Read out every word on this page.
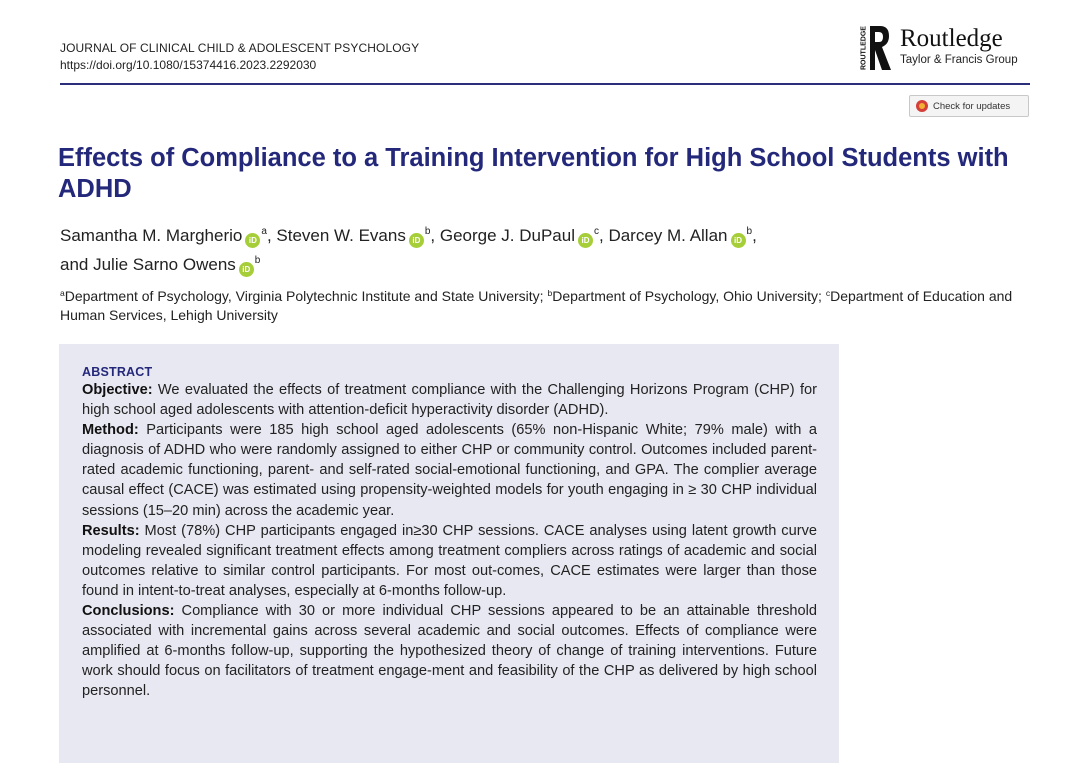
JOURNAL OF CLINICAL CHILD & ADOLESCENT PSYCHOLOGY
https://doi.org/10.1080/15374416.2023.2292030	ROUTLEDGE Routledge
Taylor & Francis Group
Check for updates
Effects of Compliance to a Training Intervention for High School Students with ADHD
Samantha M. Margherio $iD^a$, Steven W. Evans $iD^b$, George J. DuPaul $iD^c$, Darcey M. Allan $iD^b$,
and Julie Sarno Owens $iD^b$
$^a$Department of Psychology, Virginia Polytechnic Institute and State University; $^b$Department of Psychology, Ohio University; $^c$Department of Education and Human Services, Lehigh University
ABSTRACT

Objective: We evaluated the effects of treatment compliance with the Challenging Horizons Program (CHP) for high school aged adolescents with attention-deficit hyperactivity disorder (ADHD).

Method: Participants were 185 high school aged adolescents (65% non-Hispanic White; 79% male) with a diagnosis of ADHD who were randomly assigned to either CHP or community control. Outcomes included parent-rated academic functioning, parent- and self-rated social-emotional functioning, and GPA. The complier average causal effect (CACE) was estimated using propensity-weighted models for youth engaging in ≥ 30 CHP individual sessions (15–20 min) across the academic year.

Results: Most (78%) CHP participants engaged in≥30 CHP sessions. CACE analyses using latent growth curve modeling revealed significant treatment effects among treatment compliers across ratings of academic and social outcomes relative to similar control participants. For most out-comes, CACE estimates were larger than those found in intent-to-treat analyses, especially at 6-months follow-up.

Conclusions: Compliance with 30 or more individual CHP sessions appeared to be an attainable threshold associated with incremental gains across several academic and social outcomes. Effects of compliance were amplified at 6-months follow-up, supporting the hypothesized theory of change of training interventions. Future work should focus on facilitators of treatment engage-ment and feasibility of the CHP as delivered by high school personnel.
